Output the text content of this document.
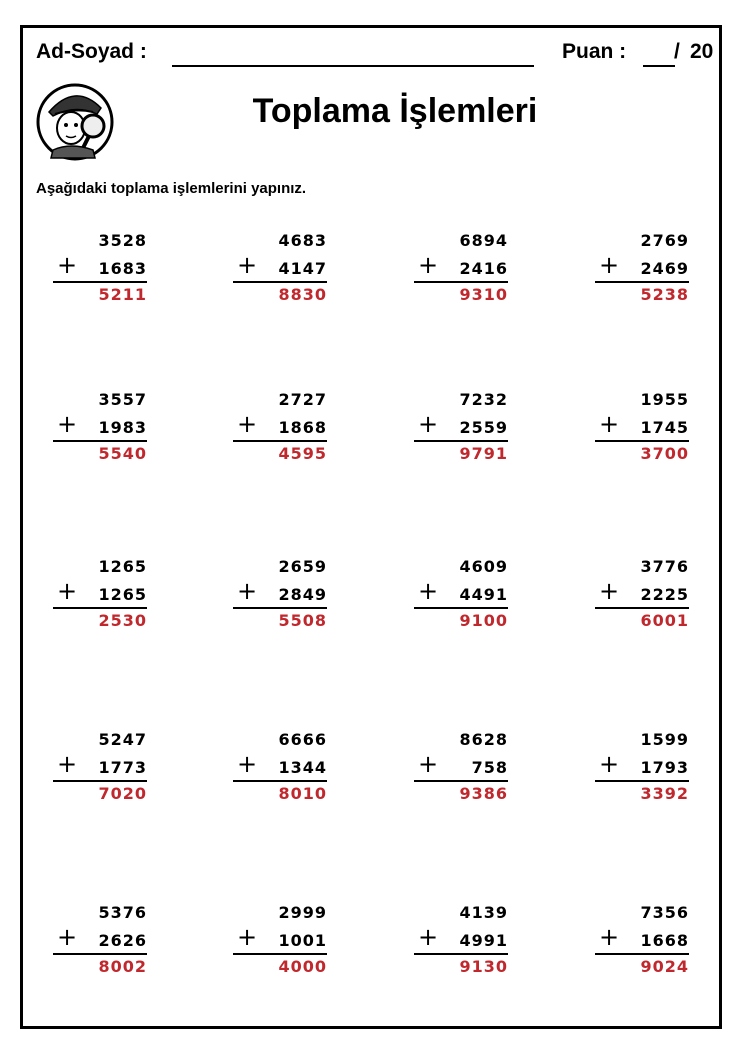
Ad-Soyad :	Puan : / 20
Toplama İşlemleri
Aşağıdaki toplama işlemlerini yapınız.
3528
+ 1683
5211
4683
+ 4147
8830
6894
+ 2416
9310
2769
+ 2469
5238
3557
+ 1983
5540
2727
+ 1868
4595
7232
+ 2559
9791
1955
+ 1745
3700
1265
+ 1265
2530
2659
+ 2849
5508
4609
+ 4491
9100
3776
+ 2225
6001
5247
+ 1773
7020
6666
+ 1344
8010
8628
+ 758
9386
1599
+ 1793
3392
5376
+ 2626
8002
2999
+ 1001
4000
4139
+ 4991
9130
7356
+ 1668
9024
